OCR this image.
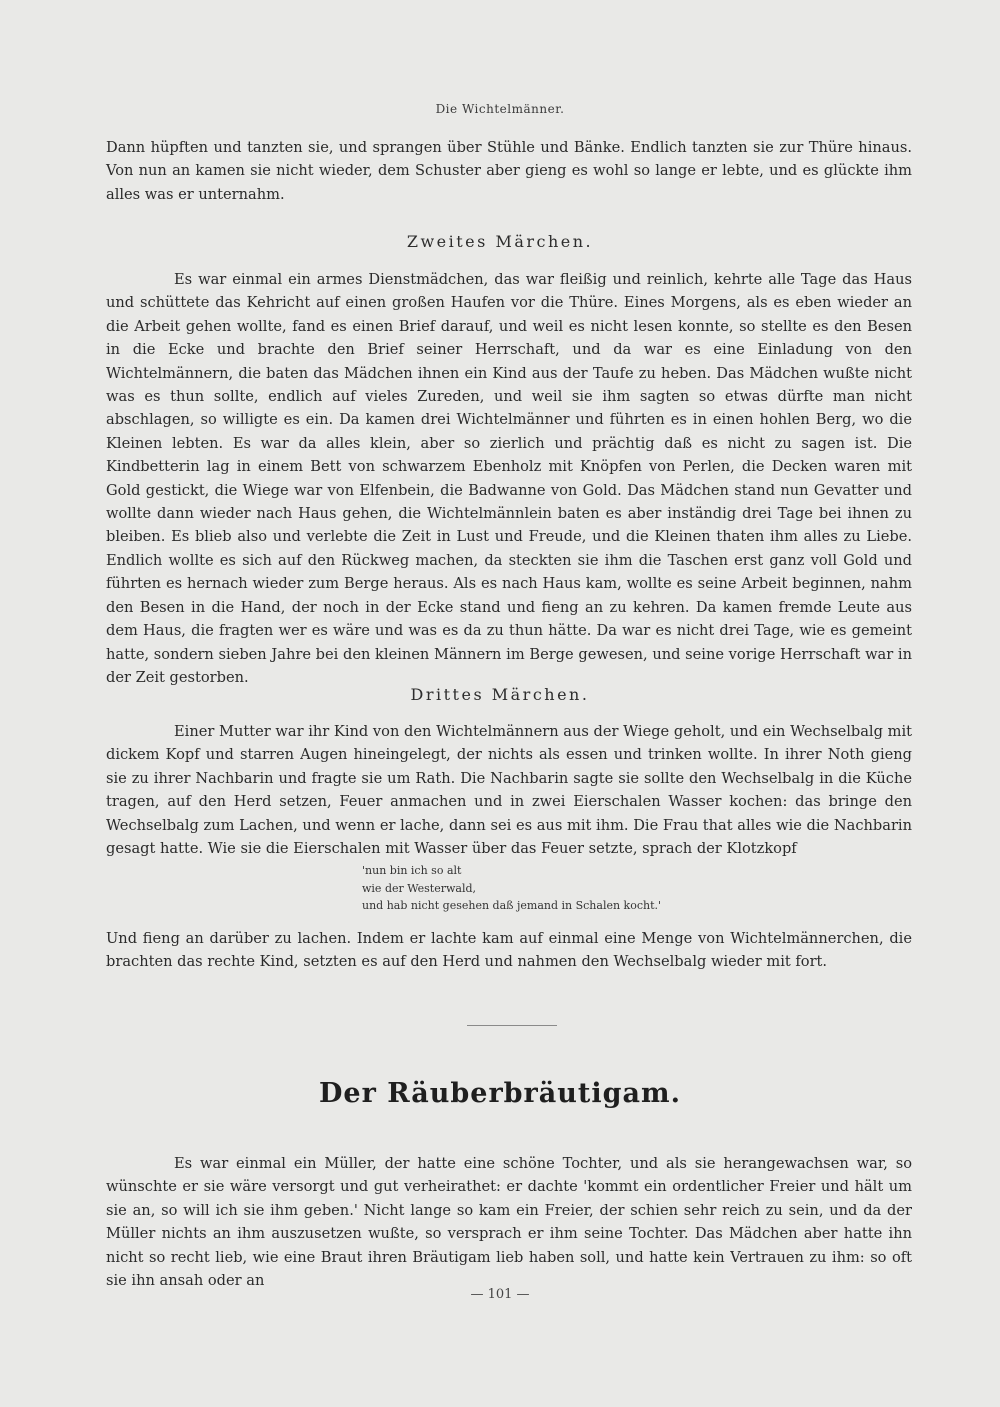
Die Wichtelmänner.
Dann hüpften und tanzten sie, und sprangen über Stühle und Bänke. Endlich tanzten sie zur Thüre hinaus. Von nun an kamen sie nicht wieder, dem Schuster aber gieng es wohl so lange er lebte, und es glückte ihm alles was er unternahm.
Zweites Märchen.
Es war einmal ein armes Dienstmädchen, das war fleißig und reinlich, kehrte alle Tage das Haus und schüttete das Kehricht auf einen großen Haufen vor die Thüre. Eines Morgens, als es eben wieder an die Arbeit gehen wollte, fand es einen Brief darauf, und weil es nicht lesen konnte, so stellte es den Besen in die Ecke und brachte den Brief seiner Herrschaft, und da war es eine Einladung von den Wichtelmännern, die baten das Mädchen ihnen ein Kind aus der Taufe zu heben. Das Mädchen wußte nicht was es thun sollte, endlich auf vieles Zureden, und weil sie ihm sagten so etwas dürfte man nicht abschlagen, so willigte es ein. Da kamen drei Wichtelmänner und führten es in einen hohlen Berg, wo die Kleinen lebten. Es war da alles klein, aber so zierlich und prächtig daß es nicht zu sagen ist. Die Kindbetterin lag in einem Bett von schwarzem Ebenholz mit Knöpfen von Perlen, die Decken waren mit Gold gestickt, die Wiege war von Elfenbein, die Badwanne von Gold. Das Mädchen stand nun Gevatter und wollte dann wieder nach Haus gehen, die Wichtelmännlein baten es aber inständig drei Tage bei ihnen zu bleiben. Es blieb also und verlebte die Zeit in Lust und Freude, und die Kleinen thaten ihm alles zu Liebe. Endlich wollte es sich auf den Rückweg machen, da steckten sie ihm die Taschen erst ganz voll Gold und führten es hernach wieder zum Berge heraus. Als es nach Haus kam, wollte es seine Arbeit beginnen, nahm den Besen in die Hand, der noch in der Ecke stand und fieng an zu kehren. Da kamen fremde Leute aus dem Haus, die fragten wer es wäre und was es da zu thun hätte. Da war es nicht drei Tage, wie es gemeint hatte, sondern sieben Jahre bei den kleinen Männern im Berge gewesen, und seine vorige Herrschaft war in der Zeit gestorben.
Drittes Märchen.
Einer Mutter war ihr Kind von den Wichtelmännern aus der Wiege geholt, und ein Wechselbalg mit dickem Kopf und starren Augen hineingelegt, der nichts als essen und trinken wollte. In ihrer Noth gieng sie zu ihrer Nachbarin und fragte sie um Rath. Die Nachbarin sagte sie sollte den Wechselbalg in die Küche tragen, auf den Herd setzen, Feuer anmachen und in zwei Eierschalen Wasser kochen: das bringe den Wechselbalg zum Lachen, und wenn er lache, dann sei es aus mit ihm. Die Frau that alles wie die Nachbarin gesagt hatte. Wie sie die Eierschalen mit Wasser über das Feuer setzte, sprach der Klotzkopf
'nun bin ich so alt
wie der Westerwald,
und hab nicht gesehen daß jemand in Schalen kocht.'
Und fieng an darüber zu lachen. Indem er lachte kam auf einmal eine Menge von Wichtelmännerchen, die brachten das rechte Kind, setzten es auf den Herd und nahmen den Wechselbalg wieder mit fort.
Der Räuberbräutigam.
Es war einmal ein Müller, der hatte eine schöne Tochter, und als sie herangewachsen war, so wünschte er sie wäre versorgt und gut verheirathet: er dachte 'kommt ein ordentlicher Freier und hält um sie an, so will ich sie ihm geben.' Nicht lange so kam ein Freier, der schien sehr reich zu sein, und da der Müller nichts an ihm auszusetzen wußte, so versprach er ihm seine Tochter. Das Mädchen aber hatte ihn nicht so recht lieb, wie eine Braut ihren Bräutigam lieb haben soll, und hatte kein Vertrauen zu ihm: so oft sie ihn ansah oder an
— 101 —
